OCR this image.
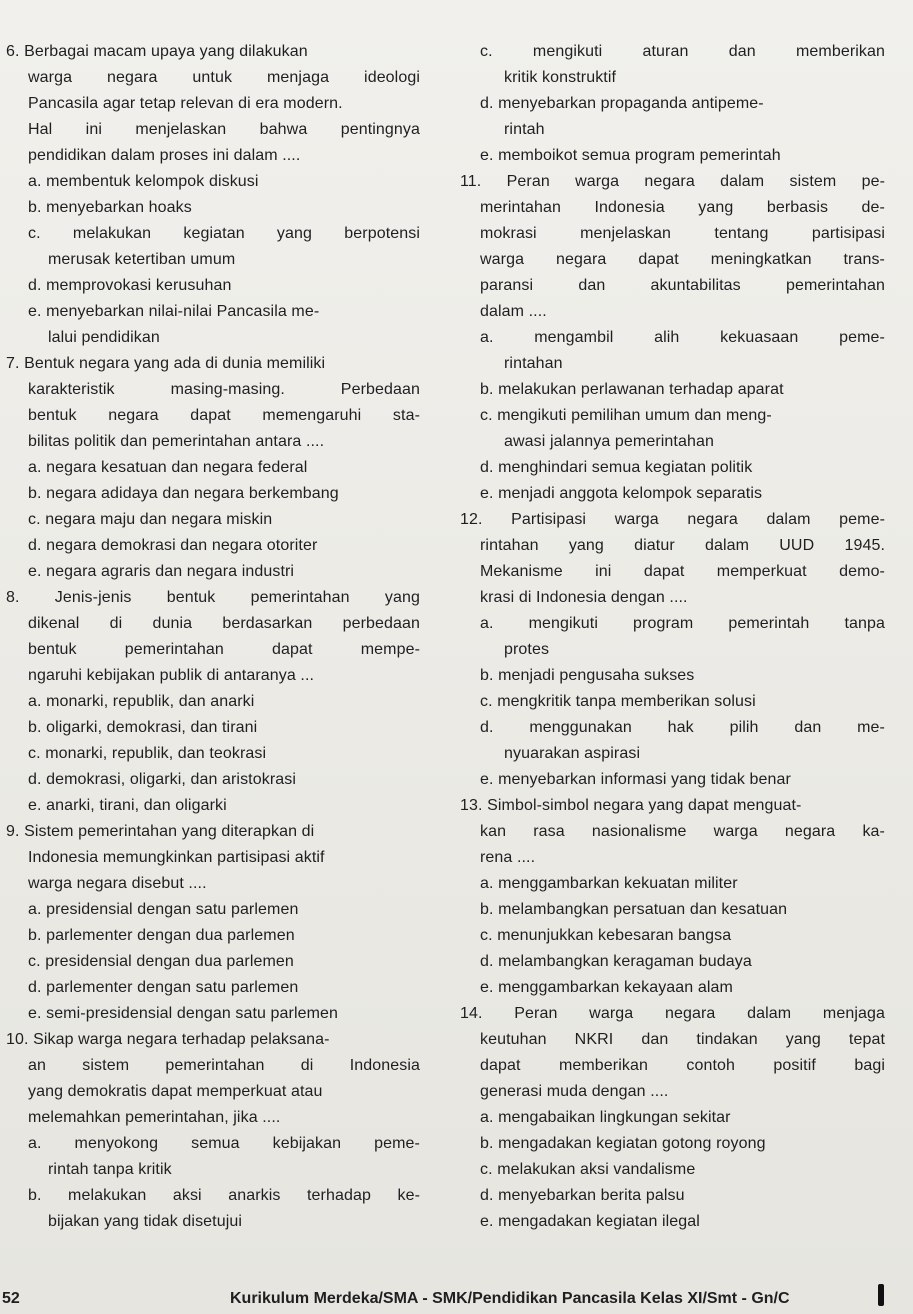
6. Berbagai macam upaya yang dilakukan
warga negara untuk menjaga ideologi
Pancasila agar tetap relevan di era modern.
Hal ini menjelaskan bahwa pentingnya
pendidikan dalam proses ini dalam ....
a. membentuk kelompok diskusi
b. menyebarkan hoaks
c. melakukan kegiatan yang berpotensi
merusak ketertiban umum
d. memprovokasi kerusuhan
e. menyebarkan nilai-nilai Pancasila me-
lalui pendidikan
7. Bentuk negara yang ada di dunia memiliki
karakteristik masing-masing. Perbedaan
bentuk negara dapat memengaruhi sta-
bilitas politik dan pemerintahan antara ....
a. negara kesatuan dan negara federal
b. negara adidaya dan negara berkembang
c. negara maju dan negara miskin
d. negara demokrasi dan negara otoriter
e. negara agraris dan negara industri
8. Jenis-jenis bentuk pemerintahan yang
dikenal di dunia berdasarkan perbedaan
bentuk pemerintahan dapat mempe-
ngaruhi kebijakan publik di antaranya ...
a. monarki, republik, dan anarki
b. oligarki, demokrasi, dan tirani
c. monarki, republik, dan teokrasi
d. demokrasi, oligarki, dan aristokrasi
e. anarki, tirani, dan oligarki
9. Sistem pemerintahan yang diterapkan di
Indonesia memungkinkan partisipasi aktif
warga negara disebut ....
a. presidensial dengan satu parlemen
b. parlementer dengan dua parlemen
c. presidensial dengan dua parlemen
d. parlementer dengan satu parlemen
e. semi-presidensial dengan satu parlemen
10. Sikap warga negara terhadap pelaksana-
an sistem pemerintahan di Indonesia
yang demokratis dapat memperkuat atau
melemahkan pemerintahan, jika ....
a. menyokong semua kebijakan peme-
rintah tanpa kritik
b. melakukan aksi anarkis terhadap ke-
bijakan yang tidak disetujui
c. mengikuti aturan dan memberikan
kritik konstruktif
d. menyebarkan propaganda antipeme-
rintah
e. memboikot semua program pemerintah
11. Peran warga negara dalam sistem pe-
merintahan Indonesia yang berbasis de-
mokrasi menjelaskan tentang partisipasi
warga negara dapat meningkatkan trans-
paransi dan akuntabilitas pemerintahan
dalam ....
a. mengambil alih kekuasaan peme-
rintahan
b. melakukan perlawanan terhadap aparat
c. mengikuti pemilihan umum dan meng-
awasi jalannya pemerintahan
d. menghindari semua kegiatan politik
e. menjadi anggota kelompok separatis
12. Partisipasi warga negara dalam peme-
rintahan yang diatur dalam UUD 1945.
Mekanisme ini dapat memperkuat demo-
krasi di Indonesia dengan ....
a. mengikuti program pemerintah tanpa
protes
b. menjadi pengusaha sukses
c. mengkritik tanpa memberikan solusi
d. menggunakan hak pilih dan me-
nyuarakan aspirasi
e. menyebarkan informasi yang tidak benar
13. Simbol-simbol negara yang dapat menguat-
kan rasa nasionalisme warga negara ka-
rena ....
a. menggambarkan kekuatan militer
b. melambangkan persatuan dan kesatuan
c. menunjukkan kebesaran bangsa
d. melambangkan keragaman budaya
e. menggambarkan kekayaan alam
14. Peran warga negara dalam menjaga
keutuhan NKRI dan tindakan yang tepat
dapat memberikan contoh positif bagi
generasi muda dengan ....
a. mengabaikan lingkungan sekitar
b. mengadakan kegiatan gotong royong
c. melakukan aksi vandalisme
d. menyebarkan berita palsu
e. mengadakan kegiatan ilegal
52	Kurikulum Merdeka/SMA - SMK/Pendidikan Pancasila Kelas XI/Smt - Gn/C
